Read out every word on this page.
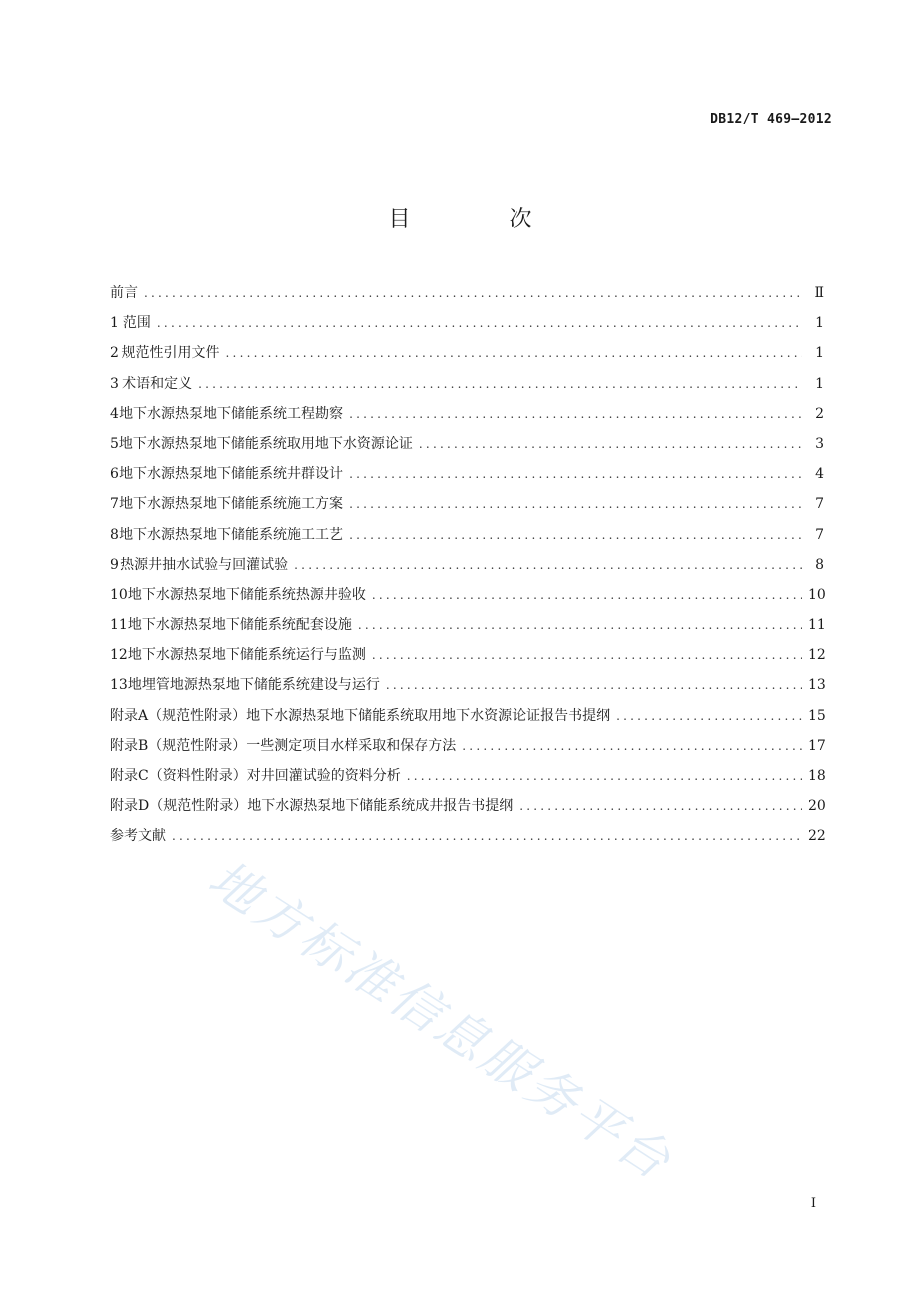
DB12/T 469—2012
目 次
前言 .....	Ⅱ
1 范围 .....	1
2 规范性引用文件 .....	1
3 术语和定义 .....	1
4 地下水源热泵地下储能系统工程勘察 .....	2
5 地下水源热泵地下储能系统取用地下水资源论证 .....	3
6 地下水源热泵地下储能系统井群设计 .....	4
7 地下水源热泵地下储能系统施工方案 .....	7
8 地下水源热泵地下储能系统施工工艺 .....	7
9 热源井抽水试验与回灌试验 .....	8
10 地下水源热泵地下储能系统热源井验收 .....	10
11 地下水源热泵地下储能系统配套设施 .....	11
12 地下水源热泵地下储能系统运行与监测 .....	12
13 地埋管地源热泵地下储能系统建设与运行 .....	13
附录A（规范性附录） 地下水源热泵地下储能系统取用地下水资源论证报告书提纲 .....	15
附录B（规范性附录） 一些测定项目水样采取和保存方法 .....	17
附录C（资料性附录） 对井回灌试验的资料分析 .....	18
附录D（规范性附录） 地下水源热泵地下储能系统成井报告书提纲 .....	20
参考文献 .....	22
地方标准信息服务平台
I
